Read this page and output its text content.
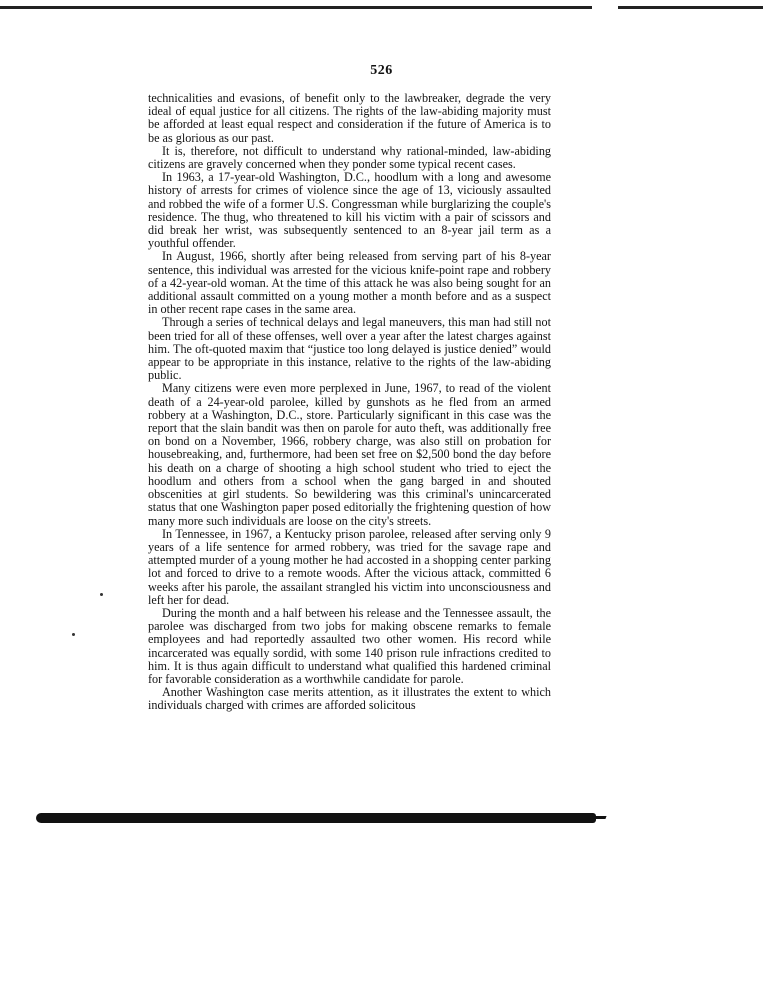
526

technicalities and evasions, of benefit only to the lawbreaker, degrade the very ideal of equal justice for all citizens. The rights of the law-abiding majority must be afforded at least equal respect and consideration if the future of America is to be as glorious as our past.

It is, therefore, not difficult to understand why rational-minded, law-abiding citizens are gravely concerned when they ponder some typical recent cases.

In 1963, a 17-year-old Washington, D.C., hoodlum with a long and awesome history of arrests for crimes of violence since the age of 13, viciously assaulted and robbed the wife of a former U.S. Congressman while burglarizing the couple's residence. The thug, who threatened to kill his victim with a pair of scissors and did break her wrist, was subsequently sentenced to an 8-year jail term as a youthful offender.

In August, 1966, shortly after being released from serving part of his 8-year sentence, this individual was arrested for the vicious knife-point rape and robbery of a 42-year-old woman. At the time of this attack he was also being sought for an additional assault committed on a young mother a month before and as a suspect in other recent rape cases in the same area.

Through a series of technical delays and legal maneuvers, this man had still not been tried for all of these offenses, well over a year after the latest charges against him. The oft-quoted maxim that “justice too long delayed is justice denied” would appear to be appropriate in this instance, relative to the rights of the law-abiding public.

Many citizens were even more perplexed in June, 1967, to read of the violent death of a 24-year-old parolee, killed by gunshots as he fled from an armed robbery at a Washington, D.C., store. Particularly significant in this case was the report that the slain bandit was then on parole for auto theft, was additionally free on bond on a November, 1966, robbery charge, was also still on probation for housebreaking, and, furthermore, had been set free on $2,500 bond the day before his death on a charge of shooting a high school student who tried to eject the hoodlum and others from a school when the gang barged in and shouted obscenities at girl students. So bewildering was this criminal's unincarcerated status that one Washington paper posed editorially the frightening question of how many more such individuals are loose on the city's streets.

In Tennessee, in 1967, a Kentucky prison parolee, released after serving only 9 years of a life sentence for armed robbery, was tried for the savage rape and attempted murder of a young mother he had accosted in a shopping center parking lot and forced to drive to a remote woods. After the vicious attack, committed 6 weeks after his parole, the assailant strangled his victim into unconsciousness and left her for dead.

During the month and a half between his release and the Tennessee assault, the parolee was discharged from two jobs for making obscene remarks to female employees and had reportedly assaulted two other women. His record while incarcerated was equally sordid, with some 140 prison rule infractions credited to him. It is thus again difficult to understand what qualified this hardened criminal for favorable consideration as a worthwhile candidate for parole.

Another Washington case merits attention, as it illustrates the extent to which individuals charged with crimes are afforded solicitous
